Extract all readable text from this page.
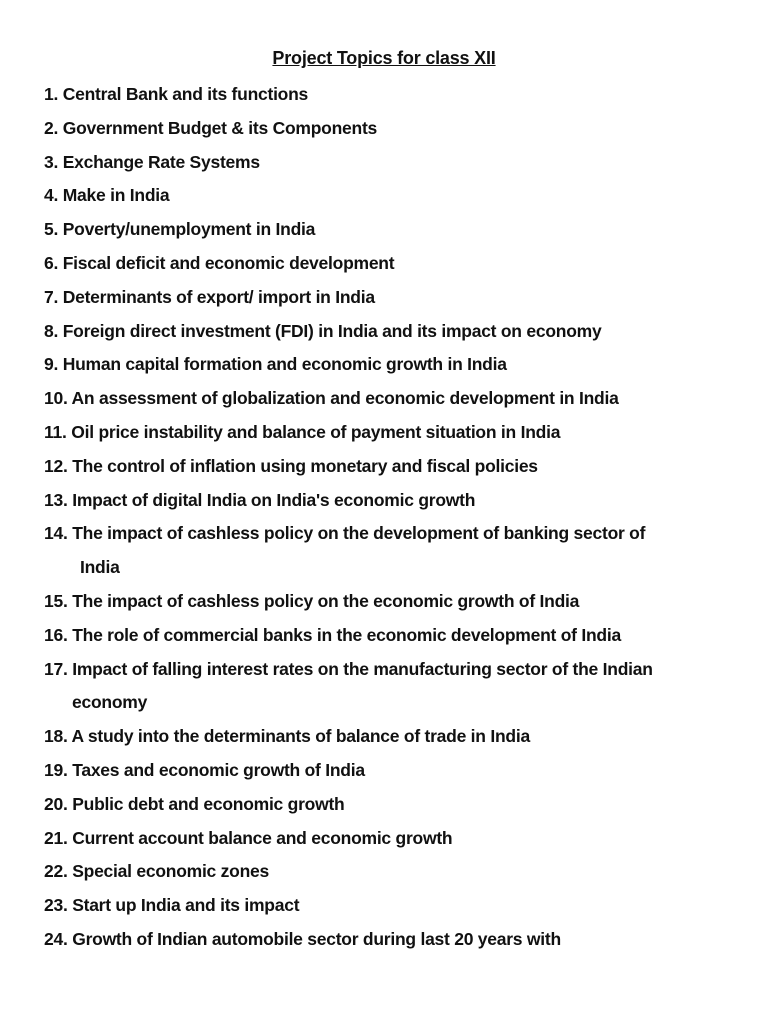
Project Topics for class XII
1. Central Bank and its functions
2. Government Budget & its Components
3. Exchange Rate Systems
4. Make in India
5. Poverty/unemployment in India
6. Fiscal deficit and economic development
7. Determinants of export/ import in India
8. Foreign direct investment (FDI) in India and its impact on economy
9. Human capital formation and economic growth in India
10. An assessment of globalization and economic development in India
11. Oil price instability and balance of payment situation in India
12. The control of inflation using monetary and fiscal policies
13. Impact of digital India on India's economic growth
14. The impact of cashless policy on the development of banking sector of
India
15. The impact of cashless policy on the economic growth of India
16. The role of commercial banks in the economic development of India
17. Impact of falling interest rates on the manufacturing sector of the Indian
economy
18. A study into the determinants of balance of trade in India
19. Taxes and economic growth of India
20. Public debt and economic growth
21. Current account balance and economic growth
22. Special economic zones
23. Start up India and its impact
24. Growth of Indian automobile sector during last 20 years with
